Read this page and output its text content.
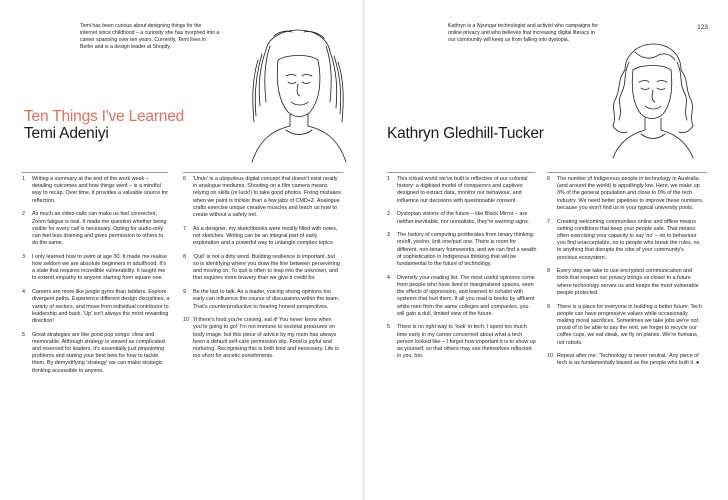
Temi has been curious about designing things for the internet since childhood – a curiosity she has morphed into a career spanning over ten years. Currently, Temi lives in Berlin and is a design leader at Shopify.

Ten Things I've Learned
Temi Adeniyi
1 Writing a summary at the end of the work week – detailing outcomes and how things went – is a mindful way to recap. Over time, it provides a valuable source for reflection.
2 As much as video calls can make us feel connected, Zoom fatigue is real. It made me question whether being visible for every call is necessary. Opting for audio-only can feel less draining and gives permission to others to do the same.
3 I only learned how to swim at age 30. It made me realise how seldom we are absolute beginners in adulthood. It's a state that requires incredible vulnerability. It taught me to extend empathy to anyone starting from square one.
4 Careers are more like jungle gyms than ladders. Explore divergent paths. Experience different design disciplines, a variety of sectors, and move from individual contributor to leadership and back. 'Up' isn't always the most rewarding direction!
5 Great strategies are like good pop songs: clear and memorable. Although strategy is viewed as complicated and reserved for leaders, it's essentially just pinpointing problems and stating your best bets for how to tackle them. By demystifying 'strategy' we can make strategic thinking accessible to anyone.
6 'Undo' is a ubiquitous digital concept that doesn't exist neatly in analogue mediums. Shooting on a film camera means relying on skills (or luck!) to take good photos. Fixing mistakes when we paint is trickier than a few jabs of CMD+Z. Analogue crafts exercise unique creative muscles and teach us how to create without a safety net.
7 As a designer, my sketchbooks were mostly filled with notes, not sketches. Writing can be an integral part of early exploration and a powerful way to untangle complex topics.
8 'Quit' is not a dirty word. Building resilience is important, but so is identifying where you draw the line between persevering and moving on. To quit is often to leap into the unknown, and that requires more bravery than we give it credit for.
9 Be the last to talk. As a leader, voicing strong opinions too early can influence the course of discussions within the team. That's counterproductive to hearing honest perspectives.
10 'If there's food you're craving, eat it! You never know when you're going to go!' I'm not immune to societal pressures on body image, but this piece of advice by my mum has always been a default self-care permission slip. Food is joyful and nurturing. Recognising this is both kind and necessary. Life is too short for ascetic punishments.

Kathryn is a Nyungar technologist and activist who campaigns for online privacy and who believes that increasing digital literacy in our community will keep us from falling into dystopia.

123
Kathryn Gledhill-Tucker
1 This virtual world we've built is reflective of our colonial history: a digitised model of conquerors and captives designed to extract data, monitor our behaviour, and influence our decisions with questionable consent.
2 Dystopian visions of the future – like Black Mirror – are neither inevitable, nor unrealistic, they're warning signs.
3 The history of computing proliferates from binary thinking: on/off, yes/no, knit one/purl one. There is room for different, non-binary frameworks, and we can find a wealth of sophistication in Indigenous thinking that will be fundamental to the future of technology.
4 Diversify your reading list. The most useful opinions come from people who have lived in marginalised spaces, seen the effects of oppression, and learned to cohabit with systems that hurt them. If all you read is books by affluent white men from the same colleges and companies, you will gain a dull, limited view of the future.
5 There is no right way to 'look' in tech. I spent too much time early in my career concerned about what a tech person looked like – I forgot how important it is to show up as yourself, so that others may see themselves reflected in you, too.
6 The number of Indigenous people in technology in Australia (and around the world) is appallingly low. Here, we make up 3% of the general population and close to 0% of the tech industry. We need better pipelines to improve these numbers, because you won't find us in your typical university pools.
7 Creating welcoming communities online and offline means setting conditions that keep your people safe. That means often exercising your capacity to say 'no' – no to behaviour you find unacceptable, no to people who break the rules, no to anything that disrupts the vibe of your community's precious ecosystem.
8 Every step we take to use encrypted communication and tools that respect our privacy brings us closer to a future where technology serves us and keeps the most vulnerable people protected.
9 There is a place for everyone in building a better future. Tech people can have progressive values while occasionally making moral sacrifices. Sometimes we take jobs we're not proud of to be able to pay the rent, we forget to recycle our coffee cups, we eat steak, we fly on planes. We're humans, not robots.
10 Repeat after me: 'Technology is never neutral.' Any piece of tech is as fundamentally biased as the people who built it. ●
